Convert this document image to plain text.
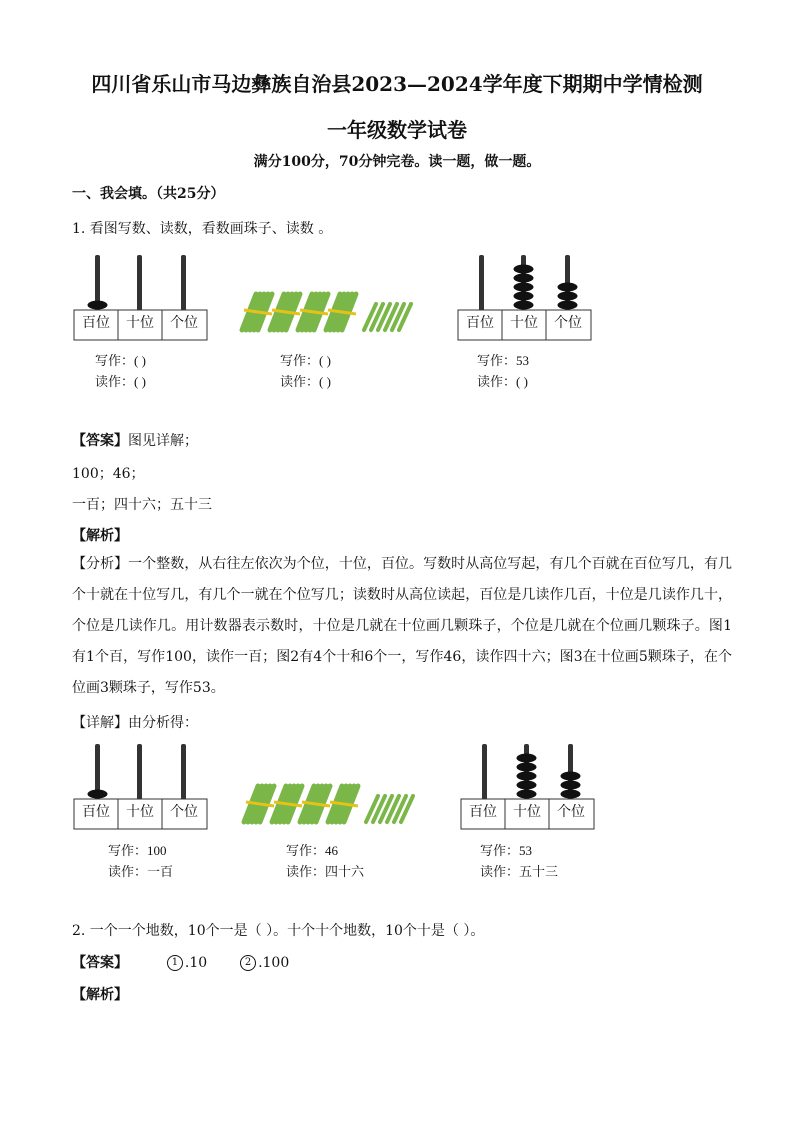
四川省乐山市马边彝族自治县2023—2024学年度下期期中学情检测
一年级数学试卷
满分100分，70分钟完卷。读一题，做一题。
一、我会填。（共25分）
1. 看图写数、读数，看数画珠子、读数 。
百位	十位	个位
写作：( )
读作：( )
写作：( )
读作：( )
百位	十位	个位
写作：53
读作：( )
【答案】图见详解；
100；46；
一百；四十六；五十三
【解析】
【分析】一个整数，从右往左依次为个位，十位，百位。写数时从高位写起，有几个百就在百位写几，有几个十就在十位写几，有几个一就在个位写几；读数时从高位读起，百位是几读作几百，十位是几读作几十，个位是几读作几。用计数器表示数时，十位是几就在十位画几颗珠子，个位是几就在个位画几颗珠子。图1有1个百，写作100，读作一百；图2有4个十和6个一，写作46，读作四十六；图3在十位画5颗珠子，在个位画3颗珠子，写作53。
【详解】由分析得：
百位	十位	个位
写作：100
读作：一百
写作：46
读作：四十六
百位	十位	个位
写作：53
读作：五十三
2. 一个一个地数，10个一是（ ）。十个十个地数，10个十是（ ）。
【答案】	1 .10	2 .100
【解析】
